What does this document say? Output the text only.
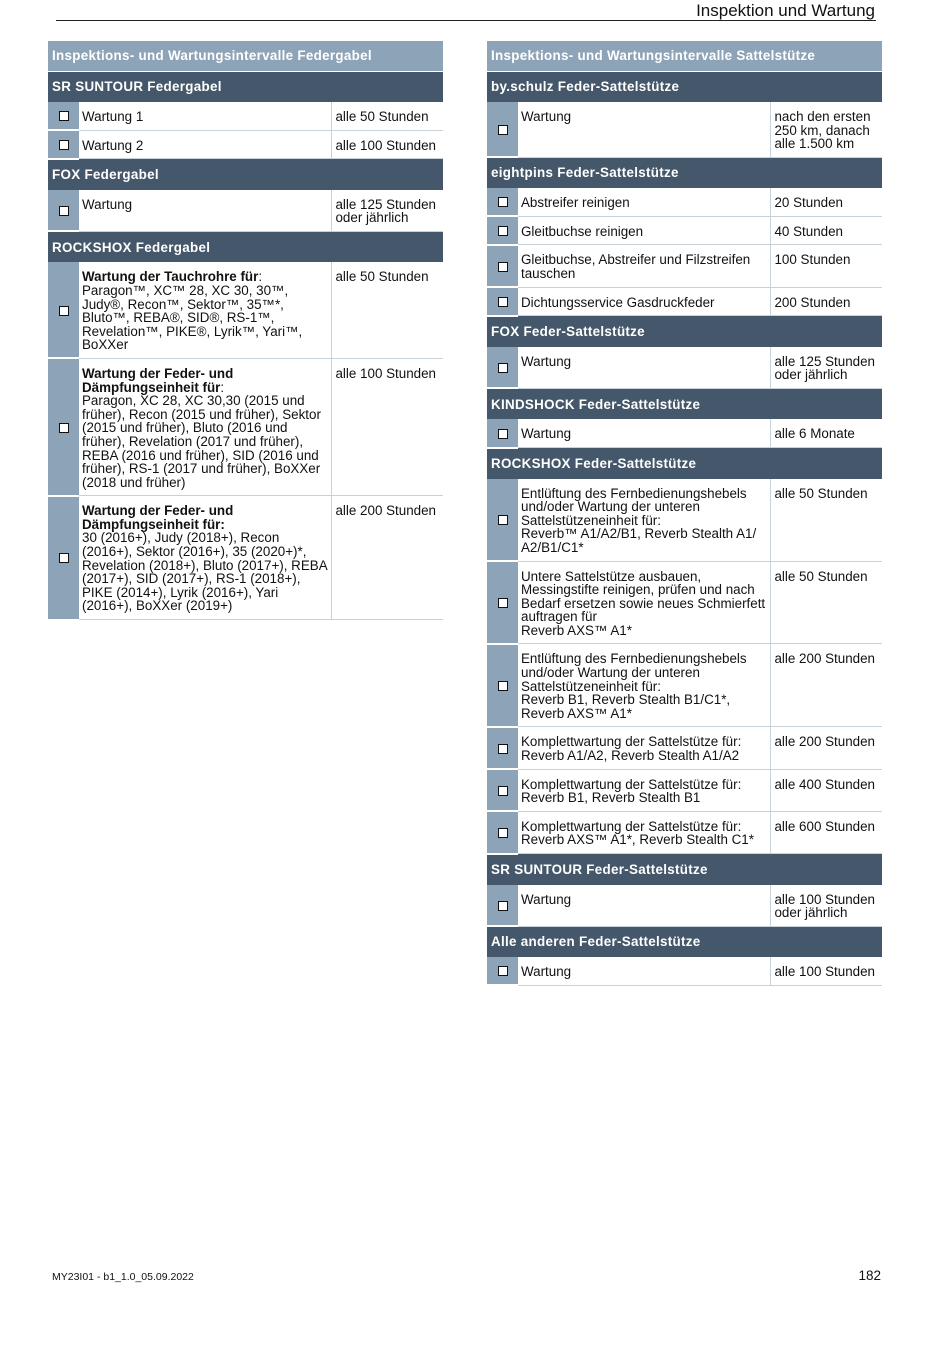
Inspektion und Wartung
Inspektions- und Wartungsintervalle Federgabel		
SR SUNTOUR Federgabel		
	Wartung 1	alle 50 Stunden
	Wartung 2	alle 100 Stunden
FOX Federgabel		
	Wartung	alle 125 Stunden oder jährlich
ROCKSHOX Federgabel		
	Wartung der Tauchrohre für:
Paragon™, XC™ 28, XC 30, 30™, Judy®, Recon™, Sektor™, 35™*, Bluto™, REBA®, SID®, RS-1™, Revelation™, PIKE®, Lyrik™, Yari™, BoXXer	alle 50 Stunden
	Wartung der Feder- und Dämpfungseinheit für:
Paragon, XC 28, XC 30,30 (2015 und früher), Recon (2015 und früher), Sektor (2015 und früher), Bluto (2016 und früher), Revelation (2017 und früher), REBA (2016 und früher), SID (2016 und früher), RS-1 (2017 und früher), BoXXer (2018 und früher)	alle 100 Stunden
	Wartung der Feder- und Dämpfungseinheit für:
30 (2016+), Judy (2018+), Recon (2016+), Sektor (2016+), 35 (2020+)*, Revelation (2018+), Bluto (2017+), REBA (2017+), SID (2017+), RS-1 (2018+), PIKE (2014+), Lyrik (2016+), Yari (2016+), BoXXer (2019+)	alle 200 Stunden
Inspektions- und Wartungsintervalle Sattelstütze		
by.schulz Feder-Sattelstütze		
	Wartung	nach den ersten 250 km, danach alle 1.500 km
eightpins Feder-Sattelstütze		
	Abstreifer reinigen	20 Stunden
	Gleitbuchse reinigen	40 Stunden
	Gleitbuchse, Abstreifer und Filzstreifen tauschen	100 Stunden
	Dichtungsservice Gasdruckfeder	200 Stunden
FOX Feder-Sattelstütze		
	Wartung	alle 125 Stunden oder jährlich
KINDSHOCK Feder-Sattelstütze		
	Wartung	alle 6 Monate
ROCKSHOX Feder-Sattelstütze		
	Entlüftung des Fernbedienungshebels und/oder Wartung der unteren Sattelstützeneinheit für:
Reverb™ A1/A2/B1, Reverb Stealth A1/ A2/B1/C1*	alle 50 Stunden
	Untere Sattelstütze ausbauen, Messingstifte reinigen, prüfen und nach Bedarf ersetzen sowie neues Schmierfett auftragen für
Reverb AXS™ A1*	alle 50 Stunden
	Entlüftung des Fernbedienungshebels und/oder Wartung der unteren Sattelstützeneinheit für:
Reverb B1, Reverb Stealth B1/C1*, Reverb AXS™ A1*	alle 200 Stunden
	Komplettwartung der Sattelstütze für:
Reverb A1/A2, Reverb Stealth A1/A2	alle 200 Stunden
	Komplettwartung der Sattelstütze für:
Reverb B1, Reverb Stealth B1	alle 400 Stunden
	Komplettwartung der Sattelstütze für:
Reverb AXS™ A1*, Reverb Stealth C1*	alle 600 Stunden
SR SUNTOUR Feder-Sattelstütze		
	Wartung	alle 100 Stunden oder jährlich
Alle anderen Feder-Sattelstütze		
	Wartung	alle 100 Stunden
MY23I01 - b1_1.0_05.09.2022	182
